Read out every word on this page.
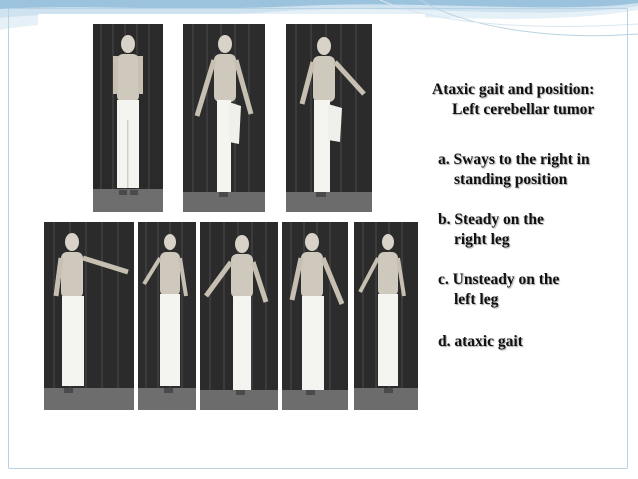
Ataxic gait and position:
Left cerebellar tumor
a. Sways to the right in
standing position
b. Steady on the
right leg
c. Unsteady on the
left leg
d. ataxic gait
